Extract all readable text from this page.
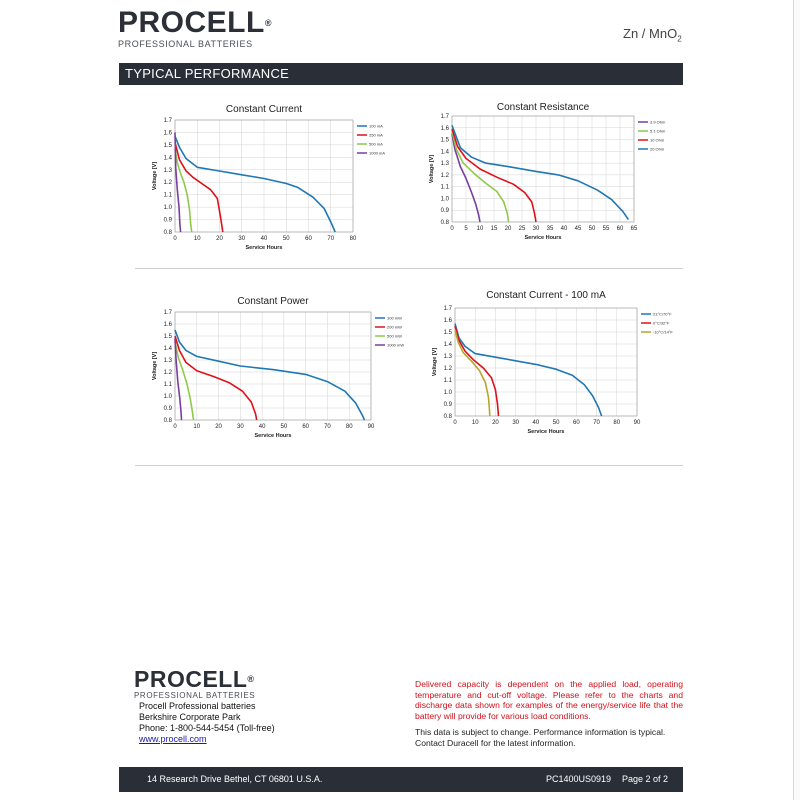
PROCELL®
PROFESSIONAL BATTERIES
Zn / MnO$_2$
TYPICAL PERFORMANCE
Constant Current
0	10	20	30	40	50	60	70	80
0.8
0.9
1.0
1.1
1.2
1.3
1.4
1.5
1.6
1.7
Service Hours
Voltage [V]
100 mA
250 mA
500 mA
1000 mA
Constant Resistance
0 5 10 15 20 25 30 35 40 45 50 55 60 65
0.8
0.9
1.0
1.1
1.2
1.3
1.4
1.5
1.6
1.7
Service Hours
Voltage [V]
3.9 Ohm
5.1 Ohm
10 Ohm
20 Ohm
Constant Power
0	10	20	30	40	50	60	70	80	90
0.8
0.9
1.0
1.1
1.2
1.3
1.4
1.5
1.6
1.7
Service Hours
Voltage [V]
100 mW
200 mW
500 mW
1000 mW
Constant Current - 100 mA
0	10 20 30 40 50 60 70 80 90
0.8
0.9
1.0
1.1
1.2
1.3
1.4
1.5
1.6
1.7
Service Hours
Voltage [V]
21°C/70°F
0°C/32°F
-10°C/14°F
PROCELL®
PROFESSIONAL BATTERIES
Procell Professional batteries
Berkshire Corporate Park
Phone: 1-800-544-5454 (Toll-free)
www.procell.com
Delivered capacity is dependent on the applied load, operating temperature and cut-off voltage. Please refer to the charts and discharge data shown for examples of the energy/service life that the battery will provide for various load conditions.
This data is subject to change. Performance information is typical.
Contact Duracell for the latest information.
14 Research Drive Bethel, CT 06801 U.S.A.	PC1400US0919 Page 2 of 2
